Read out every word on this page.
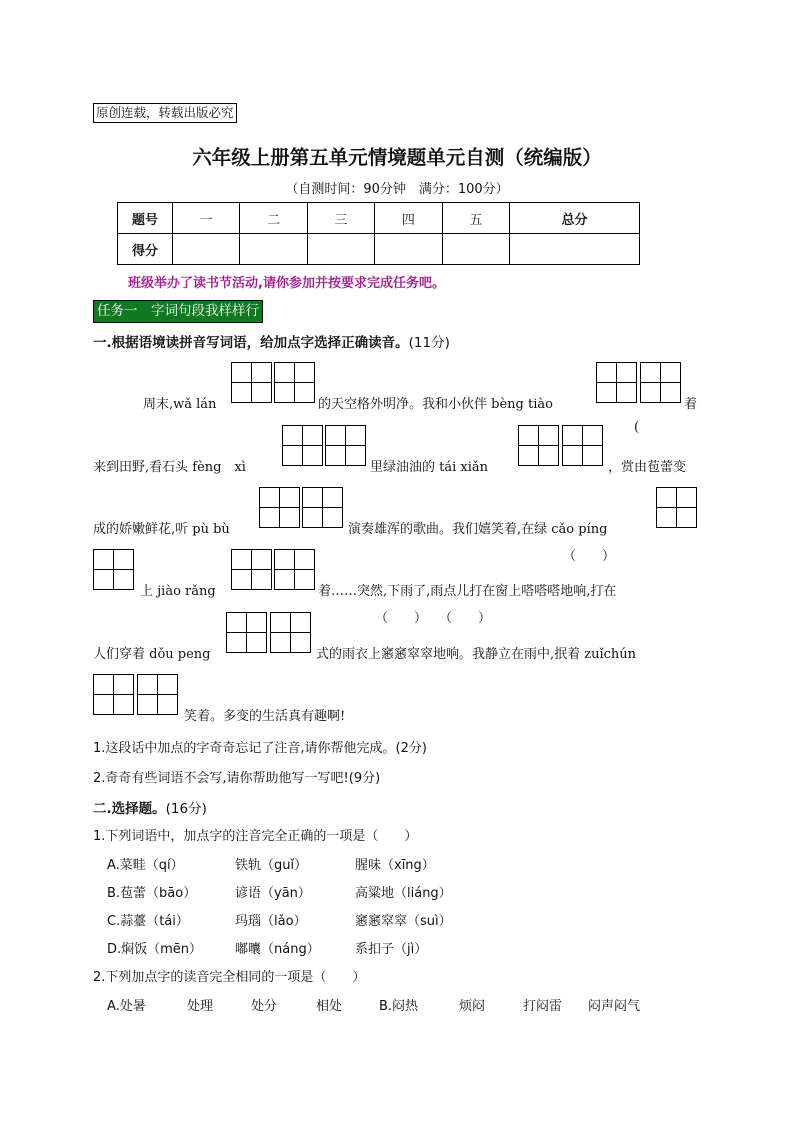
原创连载，转载出版必究
六年级上册第五单元情境题单元自测（统编版）
（自测时间：90分钟　满分：100分）
题号	一	二	三	四	五	总分
得分						
班级举办了读书节活动,请你参加并按要求完成任务吧。
任务一　字词句段我样样行
一.根据语境读拼音写词语，给加点字选择正确读音。(11分)
周末,wǎ lán	的天空格外明净。我和小伙伴 bèng tiào	着
(
来到田野,看石头 fèng　xì	里绿油油的 tái xiǎn	，赏由苞蕾变
成的娇嫩鲜花,听 pù bù	演奏雄浑的歌曲。我们嬉笑着,在绿 cǎo píng
（　　）
上 jiào rǎng	着……突然,下雨了,雨点儿打在窗上嗒嗒嗒地响,打在
（　　） （　　）
人们穿着 dǒu peng	式的雨衣上窸窸窣窣地响。我静立在雨中,抿着 zuǐchún
笑着。多变的生活真有趣啊!
1.这段话中加点的字奇奇忘记了注音,请你帮他完成。(2分)
2.奇奇有些词语不会写,请你帮助他写一写吧!(9分)
二.选择题。(16分)
1.下列词语中，加点字的注音完全正确的一项是（　　）
A.菜畦（qí）	铁轨（guǐ）	腥味（xīng）
B.苞蕾（bāo）	谚语（yān）	高粱地（liáng）
C.蒜薹（tái）	玛瑙（lǎo）	窸窸窣窣（suì）
D.焖饭（mēn）	嘟囔（náng）	系扣子（jì）
2.下列加点字的读音完全相同的一项是（　　）
A.处暑	处理	处分	相处	B.闷热	烦闷	打闷雷 闷声闷气
